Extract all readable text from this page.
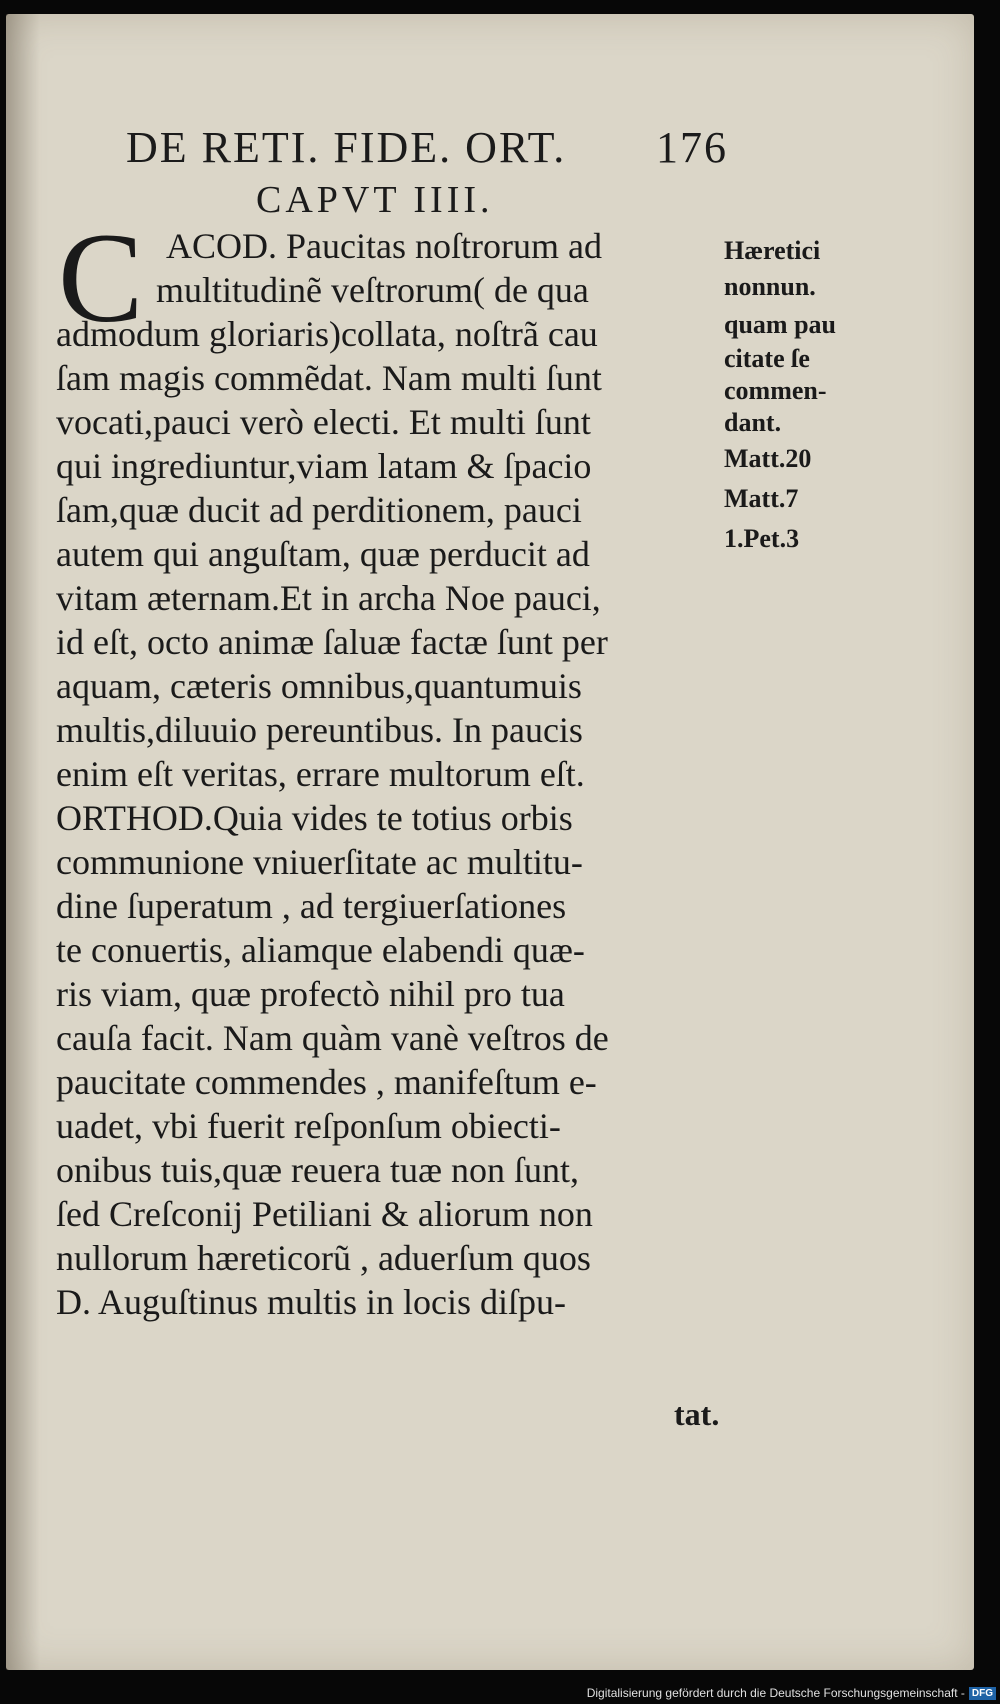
DE RETI. FIDE. ORT. 176
CAPVT IIII.
C ACOD. Paucitas noſtrorum ad
multitudinẽ veſtrorum( de qua
admodum gloriaris)collata, noſtrã cau
ſam magis commẽdat. Nam multi ſunt
vocati,pauci verò electi. Et multi ſunt
qui ingrediuntur,viam latam & ſpacio
ſam,quæ ducit ad perditionem, pauci
autem qui anguſtam, quæ perducit ad
vitam æternam.Et in archa Noe pauci,
id eſt, octo animæ ſaluæ factæ ſunt per
aquam, cæteris omnibus,quantumuis
multis,diluuio pereuntibus. In paucis
enim eſt veritas, errare multorum eſt.
ORTHOD.Quia vides te totius orbis
communione vniuerſitate ac multitu-
dine ſuperatum , ad tergiuerſationes
te conuertis, aliamque elabendi quæ-
ris viam, quæ profectò nihil pro tua
cauſa facit. Nam quàm vanè veſtros de
paucitate commendes , manifeſtum e-
uadet, vbi fuerit reſponſum obiecti-
onibus tuis,quæ reuera tuæ non ſunt,
ſed Creſconij Petiliani & aliorum non
nullorum hæreticorũ , aduerſum quos
D. Auguſtinus multis in locis diſpu-
Hæretici
nonnun.
quam pau
citate ſe
commen-
dant.
Matt.20
Matt.7
1.Pet.3
tat.
Digitalisierung gefördert durch die Deutsche Forschungsgemeinschaft - DFG
